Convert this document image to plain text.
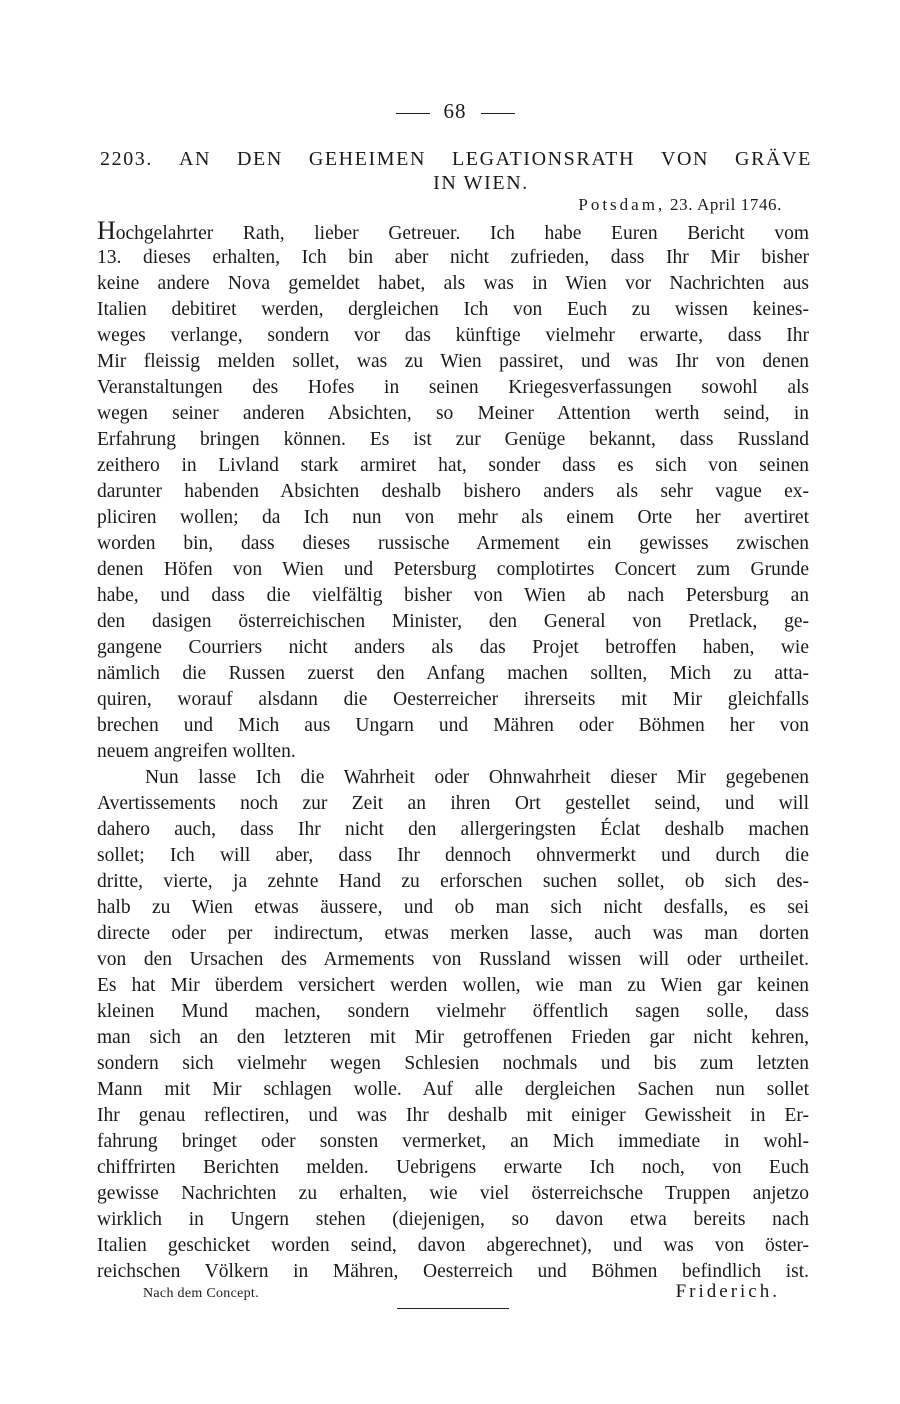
68
2203. AN DEN GEHEIMEN LEGATIONSRATH VON GRÄVE
IN WIEN.
Potsdam, 23. April 1746.
Hochgelahrter Rath, lieber Getreuer. Ich habe Euren Bericht vom
13. dieses erhalten, Ich bin aber nicht zufrieden, dass Ihr Mir bisher
keine andere Nova gemeldet habet, als was in Wien vor Nachrichten aus
Italien debitiret werden, dergleichen Ich von Euch zu wissen keines-
weges verlange, sondern vor das künftige vielmehr erwarte, dass Ihr
Mir fleissig melden sollet, was zu Wien passiret, und was Ihr von denen
Veranstaltungen des Hofes in seinen Kriegesverfassungen sowohl als
wegen seiner anderen Absichten, so Meiner Attention werth seind, in
Erfahrung bringen können. Es ist zur Genüge bekannt, dass Russland
zeithero in Livland stark armiret hat, sonder dass es sich von seinen
darunter habenden Absichten deshalb bishero anders als sehr vague ex-
pliciren wollen; da Ich nun von mehr als einem Orte her avertiret
worden bin, dass dieses russische Armement ein gewisses zwischen
denen Höfen von Wien und Petersburg complotirtes Concert zum Grunde
habe, und dass die vielfältig bisher von Wien ab nach Petersburg an
den dasigen österreichischen Minister, den General von Pretlack, ge-
gangene Courriers nicht anders als das Projet betroffen haben, wie
nämlich die Russen zuerst den Anfang machen sollten, Mich zu atta-
quiren, worauf alsdann die Oesterreicher ihrerseits mit Mir gleichfalls
brechen und Mich aus Ungarn und Mähren oder Böhmen her von
neuem angreifen wollten.
Nun lasse Ich die Wahrheit oder Ohnwahrheit dieser Mir gegebenen
Avertissements noch zur Zeit an ihren Ort gestellet seind, und will
dahero auch, dass Ihr nicht den allergeringsten Éclat deshalb machen
sollet; Ich will aber, dass Ihr dennoch ohnvermerkt und durch die
dritte, vierte, ja zehnte Hand zu erforschen suchen sollet, ob sich des-
halb zu Wien etwas äussere, und ob man sich nicht desfalls, es sei
directe oder per indirectum, etwas merken lasse, auch was man dorten
von den Ursachen des Armements von Russland wissen will oder urtheilet.
Es hat Mir überdem versichert werden wollen, wie man zu Wien gar keinen
kleinen Mund machen, sondern vielmehr öffentlich sagen solle, dass
man sich an den letzteren mit Mir getroffenen Frieden gar nicht kehren,
sondern sich vielmehr wegen Schlesien nochmals und bis zum letzten
Mann mit Mir schlagen wolle. Auf alle dergleichen Sachen nun sollet
Ihr genau reflectiren, und was Ihr deshalb mit einiger Gewissheit in Er-
fahrung bringet oder sonsten vermerket, an Mich immediate in wohl-
chiffrirten Berichten melden. Uebrigens erwarte Ich noch, von Euch
gewisse Nachrichten zu erhalten, wie viel österreichsche Truppen anjetzo
wirklich in Ungern stehen (diejenigen, so davon etwa bereits nach
Italien geschicket worden seind, davon abgerechnet), und was von öster-
reichschen Völkern in Mähren, Oesterreich und Böhmen befindlich ist.
Nach dem Concept.	Friderich.
